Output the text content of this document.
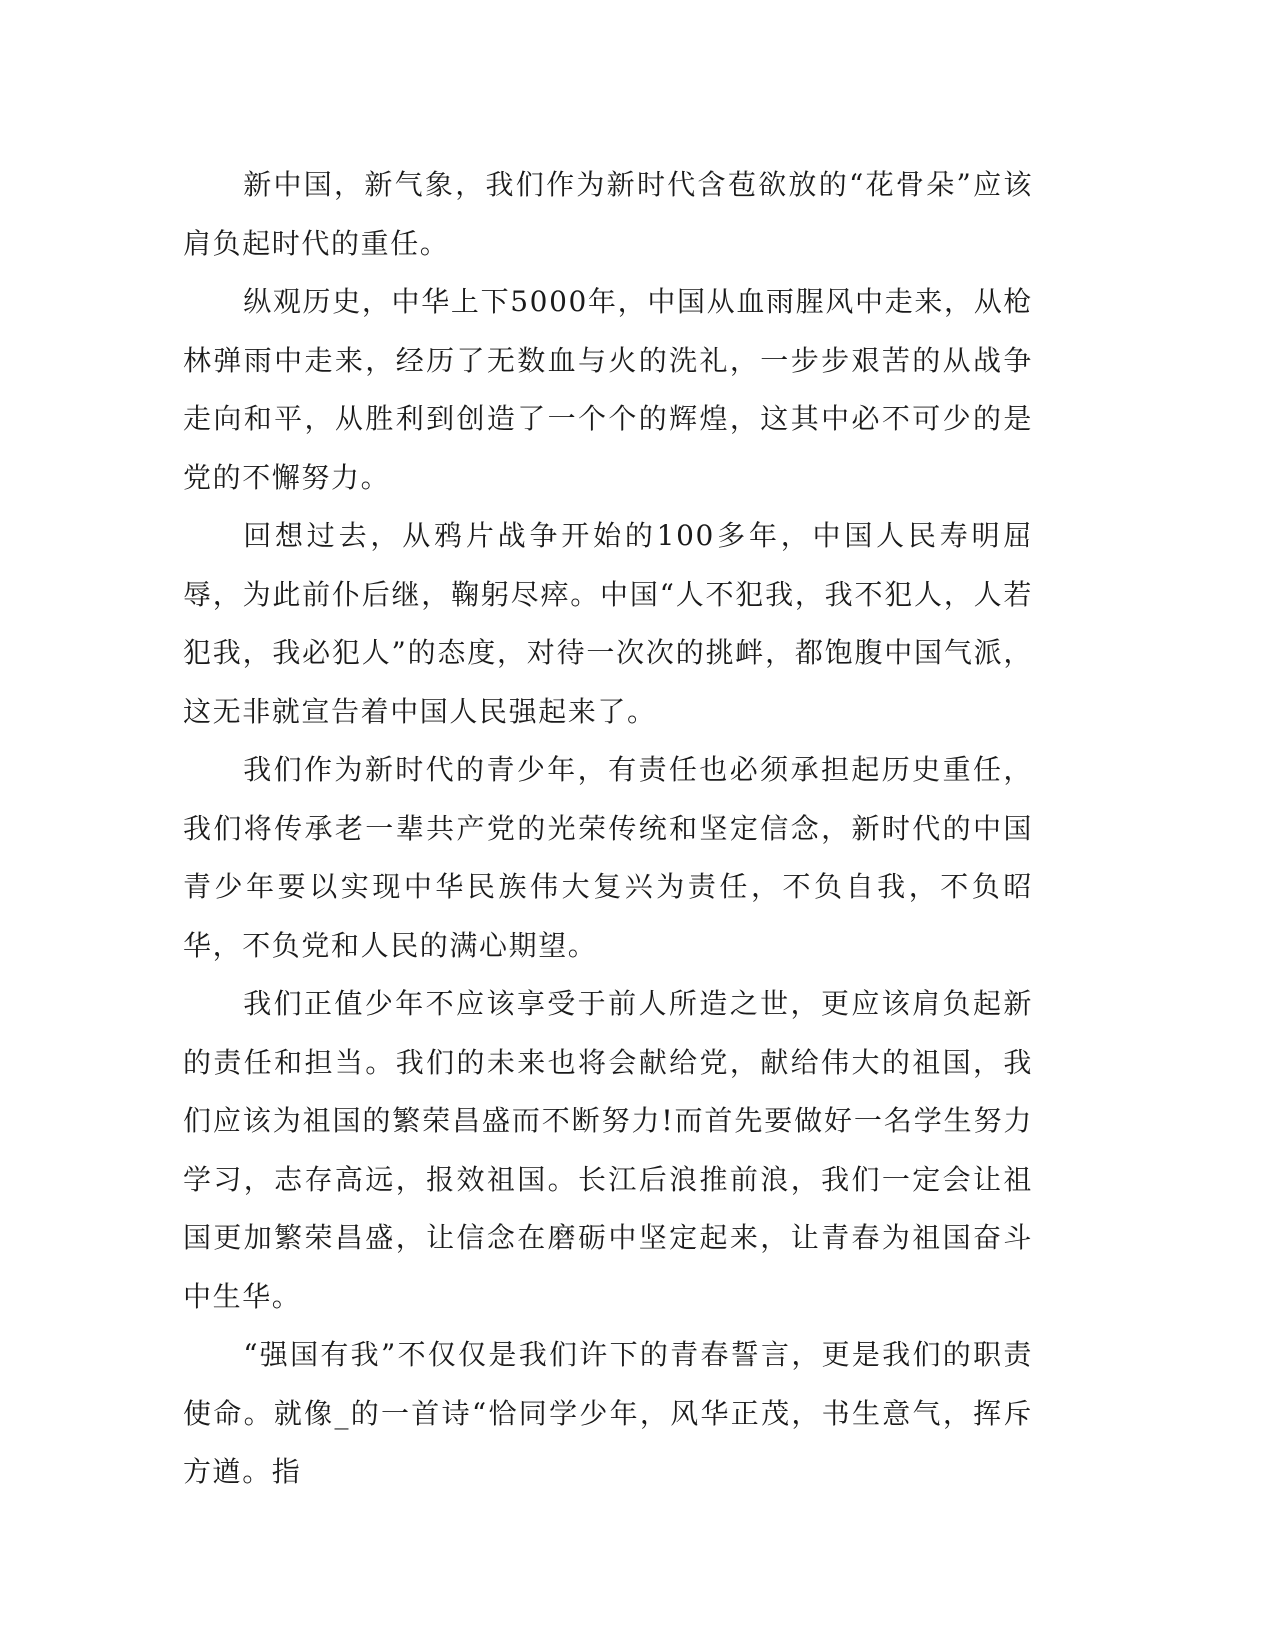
新中国，新气象，我们作为新时代含苞欲放的“花骨朵”应该肩负起时代的重任。

纵观历史，中华上下5000年，中国从血雨腥风中走来，从枪林弹雨中走来，经历了无数血与火的洗礼，一步步艰苦的从战争走向和平，从胜利到创造了一个个的辉煌，这其中必不可少的是党的不懈努力。

回想过去，从鸦片战争开始的100多年，中国人民寿明屈辱，为此前仆后继，鞠躬尽瘁。中国“人不犯我，我不犯人，人若犯我，我必犯人”的态度，对待一次次的挑衅，都饱腹中国气派，这无非就宣告着中国人民强起来了。

我们作为新时代的青少年，有责任也必须承担起历史重任，我们将传承老一辈共产党的光荣传统和坚定信念，新时代的中国青少年要以实现中华民族伟大复兴为责任，不负自我，不负昭华，不负党和人民的满心期望。

我们正值少年不应该享受于前人所造之世，更应该肩负起新的责任和担当。我们的未来也将会献给党，献给伟大的祖国，我们应该为祖国的繁荣昌盛而不断努力!而首先要做好一名学生努力学习，志存高远，报效祖国。长江后浪推前浪，我们一定会让祖国更加繁荣昌盛，让信念在磨砺中坚定起来，让青春为祖国奋斗中生华。

“强国有我”不仅仅是我们许下的青春誓言，更是我们的职责使命。就像_的一首诗“恰同学少年，风华正茂，书生意气，挥斥方遒。指
